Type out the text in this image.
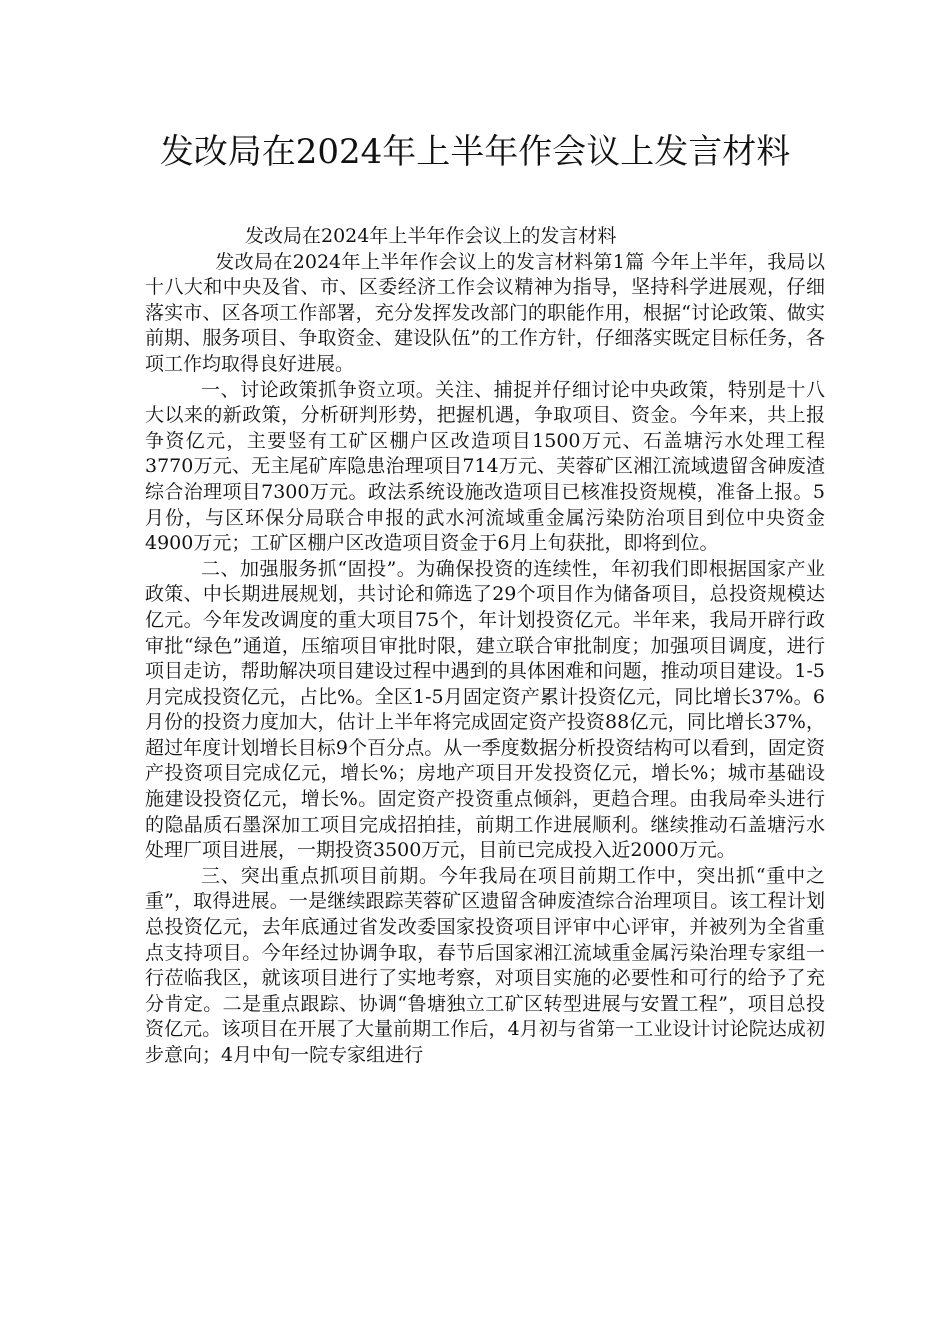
发改局在2024年上半年作会议上发言材料

发改局在2024年上半年作会议上的发言材料

发改局在2024年上半年作会议上的发言材料第1篇 今年上半年，我局以十八大和中央及省、市、区委经济工作会议精神为指导，坚持科学进展观，仔细落实市、区各项工作部署，充分发挥发改部门的职能作用，根据“讨论政策、做实前期、服务项目、争取资金、建设队伍”的工作方针，仔细落实既定目标任务，各项工作均取得良好进展。

一、讨论政策抓争资立项。关注、捕捉并仔细讨论中央政策，特别是十八大以来的新政策，分析研判形势，把握机遇，争取项目、资金。今年来，共上报争资亿元，主要竖有工矿区棚户区改造项目1500万元、石盖塘污水处理工程3770万元、无主尾矿库隐患治理项目714万元、芙蓉矿区湘江流域遗留含砷废渣综合治理项目7300万元。政法系统设施改造项目已核准投资规模，准备上报。5月份，与区环保分局联合申报的武水河流域重金属污染防治项目到位中央资金4900万元；工矿区棚户区改造项目资金于6月上旬获批，即将到位。

二、加强服务抓“固投”。为确保投资的连续性，年初我们即根据国家产业政策、中长期进展规划，共讨论和筛选了29个项目作为储备项目，总投资规模达亿元。今年发改调度的重大项目75个，年计划投资亿元。半年来，我局开辟行政审批“绿色”通道，压缩项目审批时限，建立联合审批制度；加强项目调度，进行项目走访，帮助解决项目建设过程中遇到的具体困难和问题，推动项目建设。1-5月完成投资亿元，占比%。全区1-5月固定资产累计投资亿元，同比增长37%。6月份的投资力度加大，估计上半年将完成固定资产投资88亿元，同比增长37%，超过年度计划增长目标9个百分点。从一季度数据分析投资结构可以看到，固定资产投资项目完成亿元，增长%；房地产项目开发投资亿元，增长%；城市基础设施建设投资亿元，增长%。固定资产投资重点倾斜，更趋合理。由我局牵头进行的隐晶质石墨深加工项目完成招拍挂，前期工作进展顺利。继续推动石盖塘污水处理厂项目进展，一期投资3500万元，目前已完成投入近2000万元。

三、突出重点抓项目前期。今年我局在项目前期工作中，突出抓“重中之重”，取得进展。一是继续跟踪芙蓉矿区遗留含砷废渣综合治理项目。该工程计划总投资亿元，去年底通过省发改委国家投资项目评审中心评审，并被列为全省重点支持项目。今年经过协调争取，春节后国家湘江流域重金属污染治理专家组一行莅临我区，就该项目进行了实地考察，对项目实施的必要性和可行的给予了充分肯定。二是重点跟踪、协调“鲁塘独立工矿区转型进展与安置工程”，项目总投资亿元。该项目在开展了大量前期工作后，4月初与省第一工业设计讨论院达成初步意向；4月中旬一院专家组进行
